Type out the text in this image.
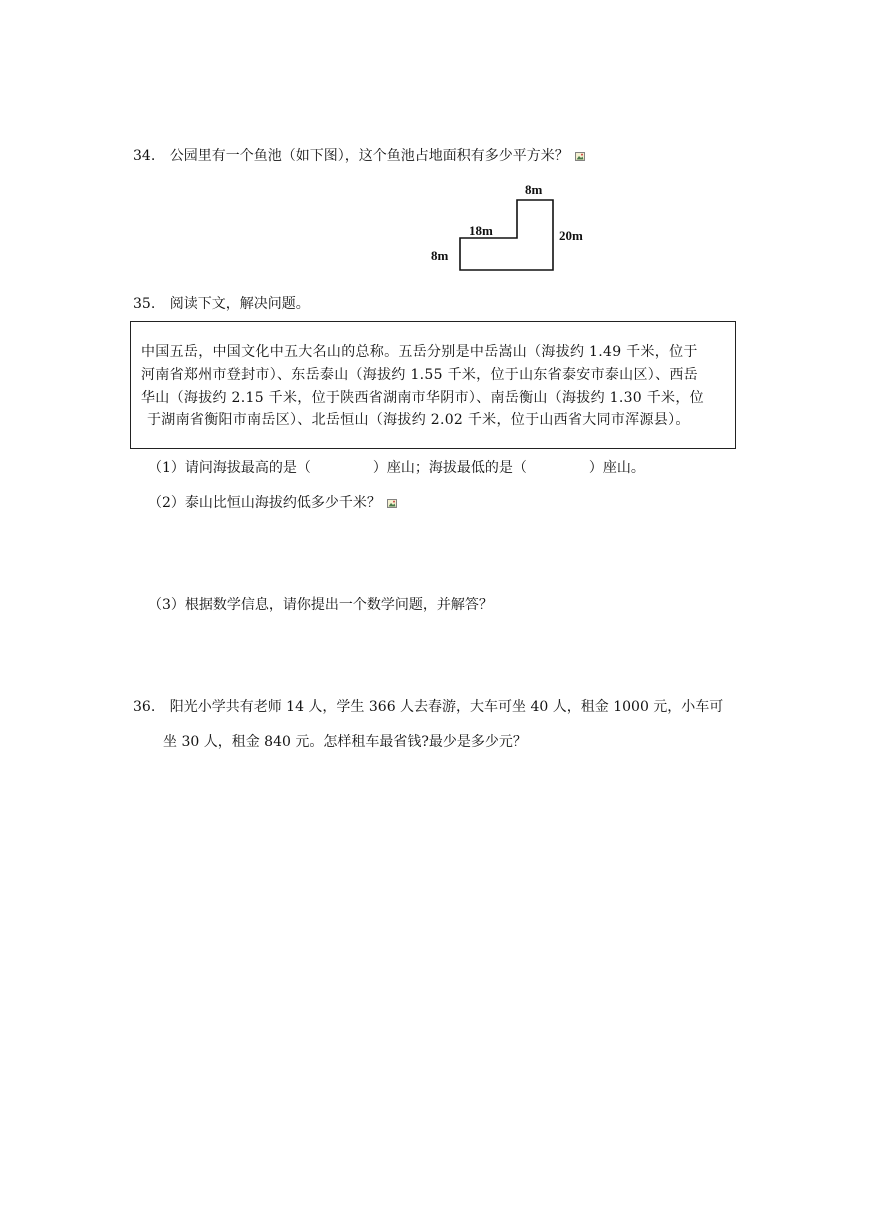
34. 公园里有一个鱼池（如下图），这个鱼池占地面积有多少平方米？
8m
18m	20m
8m
35. 阅读下文，解决问题。
中国五岳，中国文化中五大名山的总称。五岳分别是中岳嵩山（海拔约 1.49 千米，位于
河南省郑州市登封市）、东岳泰山（海拔约 1.55 千米，位于山东省泰安市泰山区）、西岳
华山（海拔约 2.15 千米，位于陕西省湖南市华阴市）、南岳衡山（海拔约 1.30 千米，位
于湖南省衡阳市南岳区）、北岳恒山（海拔约 2.02 千米，位于山西省大同市浑源县）。
（1）请问海拔最高的是（	）座山；海拔最低的是（	）座山。
（2）泰山比恒山海拔约低多少千米？
（3）根据数学信息，请你提出一个数学问题，并解答？
36. 阳光小学共有老师 14 人，学生 366 人去春游，大车可坐 40 人，租金 1000 元，小车可
坐 30 人，租金 840 元。怎样租车最省钱?最少是多少元？
